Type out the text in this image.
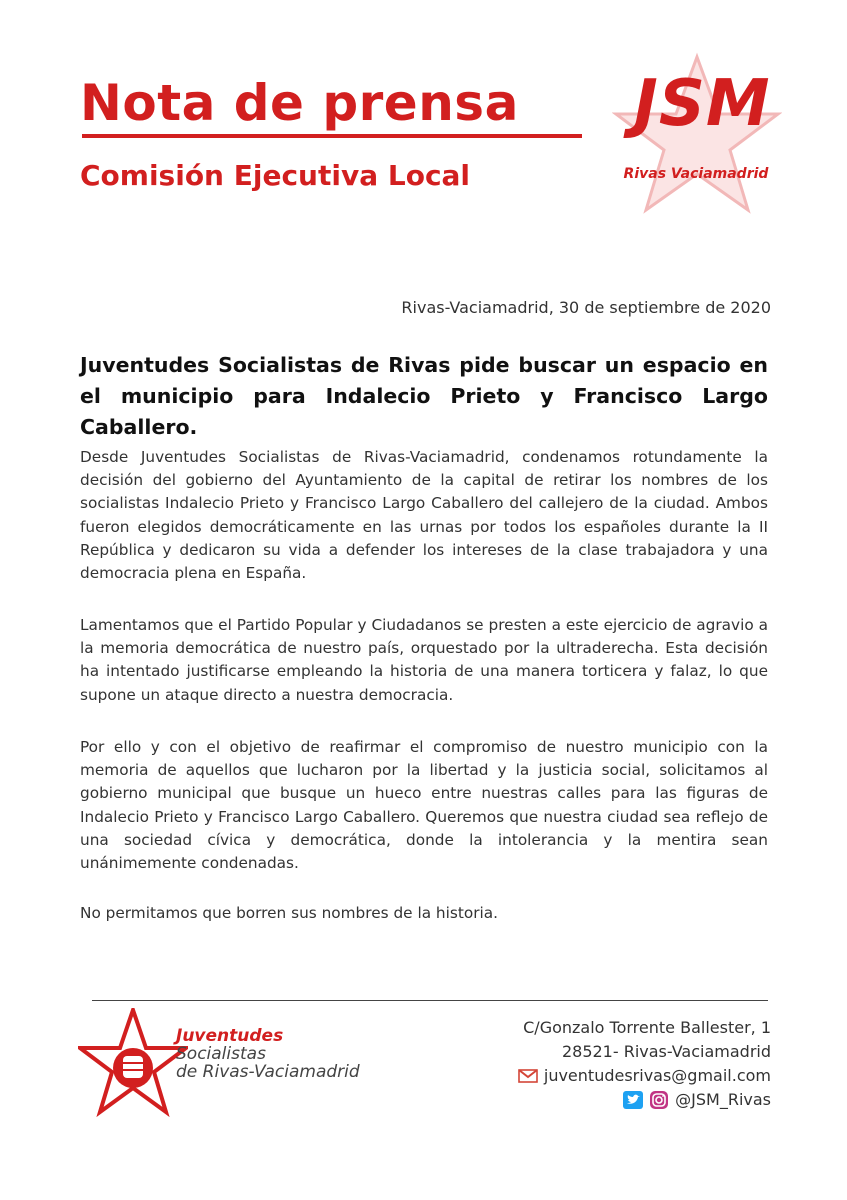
Nota de prensa
Comisión Ejecutiva Local
JSM
Rivas Vaciamadrid
Rivas-Vaciamadrid, 30 de septiembre de 2020
Juventudes Socialistas de Rivas pide buscar un espacio en el municipio para Indalecio Prieto y Francisco Largo Caballero.

Desde Juventudes Socialistas de Rivas-Vaciamadrid, condenamos rotundamente la decisión del gobierno del Ayuntamiento de la capital de retirar los nombres de los socialistas Indalecio Prieto y Francisco Largo Caballero del callejero de la ciudad. Ambos fueron elegidos democráticamente en las urnas por todos los españoles durante la II República y dedicaron su vida a defender los intereses de la clase trabajadora y una democracia plena en España.

Lamentamos que el Partido Popular y Ciudadanos se presten a este ejercicio de agravio a la memoria democrática de nuestro país, orquestado por la ultraderecha. Esta decisión ha intentado justificarse empleando la historia de una manera torticera y falaz, lo que supone un ataque directo a nuestra democracia.

Por ello y con el objetivo de reafirmar el compromiso de nuestro municipio con la memoria de aquellos que lucharon por la libertad y la justicia social, solicitamos al gobierno municipal que busque un hueco entre nuestras calles para las figuras de Indalecio Prieto y Francisco Largo Caballero. Queremos que nuestra ciudad sea reflejo de una sociedad cívica y democrática, donde la intolerancia y la mentira sean unánimemente condenadas.

No permitamos que borren sus nombres de la historia.

Juventudes
Socialistas
de Rivas-Vaciamadrid
C/Gonzalo Torrente Ballester, 1
28521- Rivas-Vaciamadrid
juventudesrivas@gmail.com
@JSM_Rivas
